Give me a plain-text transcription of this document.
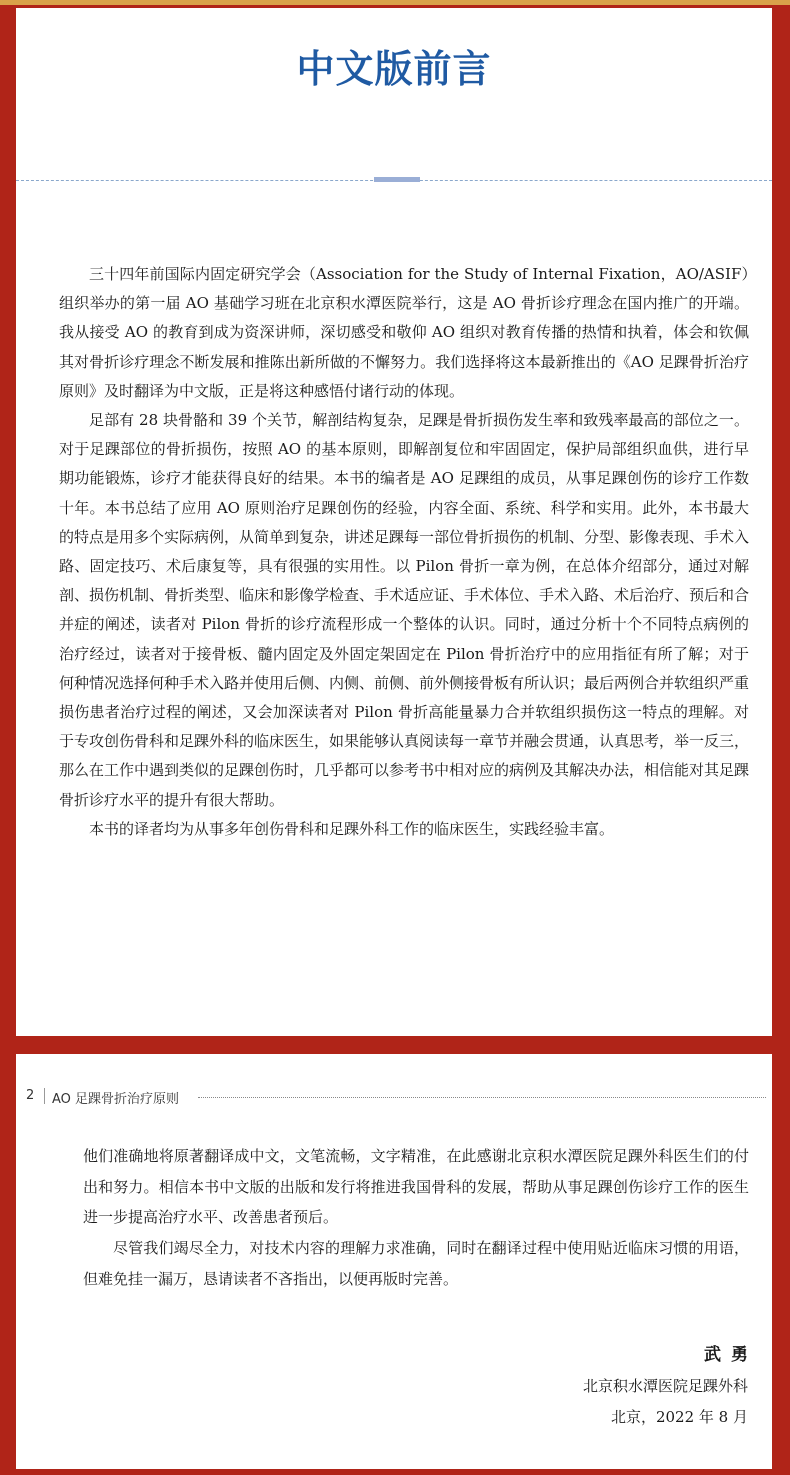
中文版前言

三十四年前国际内固定研究学会（Association for the Study of Internal Fixation，AO/ASIF）组织举办的第一届 AO 基础学习班在北京积水潭医院举行，这是 AO 骨折诊疗理念在国内推广的开端。我从接受 AO 的教育到成为资深讲师，深切感受和敬仰 AO 组织对教育传播的热情和执着，体会和钦佩其对骨折诊疗理念不断发展和推陈出新所做的不懈努力。我们选择将这本最新推出的《AO 足踝骨折治疗原则》及时翻译为中文版，正是将这种感悟付诸行动的体现。

足部有 28 块骨骼和 39 个关节，解剖结构复杂，足踝是骨折损伤发生率和致残率最高的部位之一。对于足踝部位的骨折损伤，按照 AO 的基本原则，即解剖复位和牢固固定，保护局部组织血供，进行早期功能锻炼，诊疗才能获得良好的结果。本书的编者是 AO 足踝组的成员，从事足踝创伤的诊疗工作数十年。本书总结了应用 AO 原则治疗足踝创伤的经验，内容全面、系统、科学和实用。此外，本书最大的特点是用多个实际病例，从简单到复杂，讲述足踝每一部位骨折损伤的机制、分型、影像表现、手术入路、固定技巧、术后康复等，具有很强的实用性。以 Pilon 骨折一章为例，在总体介绍部分，通过对解剖、损伤机制、骨折类型、临床和影像学检查、手术适应证、手术体位、手术入路、术后治疗、预后和合并症的阐述，读者对 Pilon 骨折的诊疗流程形成一个整体的认识。同时，通过分析十个不同特点病例的治疗经过，读者对于接骨板、髓内固定及外固定架固定在 Pilon 骨折治疗中的应用指征有所了解；对于何种情况选择何种手术入路并使用后侧、内侧、前侧、前外侧接骨板有所认识；最后两例合并软组织严重损伤患者治疗过程的阐述，又会加深读者对 Pilon 骨折高能量暴力合并软组织损伤这一特点的理解。对于专攻创伤骨科和足踝外科的临床医生，如果能够认真阅读每一章节并融会贯通，认真思考，举一反三，那么在工作中遇到类似的足踝创伤时，几乎都可以参考书中相对应的病例及其解决办法，相信能对其足踝骨折诊疗水平的提升有很大帮助。

本书的译者均为从事多年创伤骨科和足踝外科工作的临床医生，实践经验丰富。

2 AO 足踝骨折治疗原则

他们准确地将原著翻译成中文，文笔流畅，文字精准，在此感谢北京积水潭医院足踝外科医生们的付出和努力。相信本书中文版的出版和发行将推进我国骨科的发展，帮助从事足踝创伤诊疗工作的医生进一步提高治疗水平、改善患者预后。

尽管我们竭尽全力，对技术内容的理解力求准确，同时在翻译过程中使用贴近临床习惯的用语，但难免挂一漏万，恳请读者不吝指出，以便再版时完善。

武勇
北京积水潭医院足踝外科
北京，2022 年 8 月
